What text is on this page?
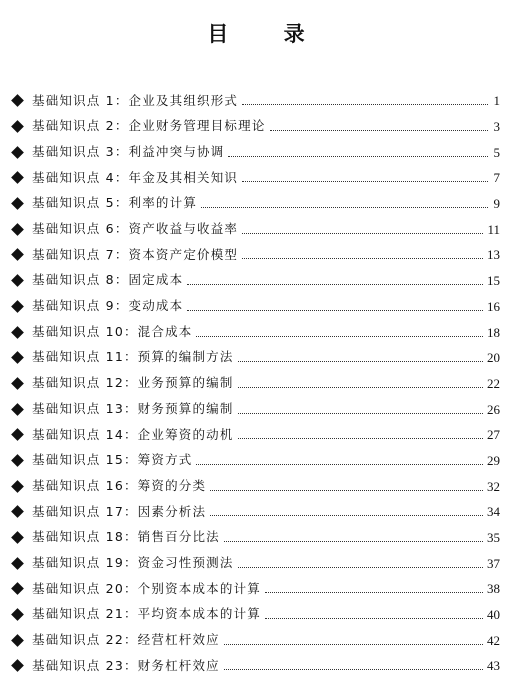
目 录
基础知识点 1：企业及其组织形式	1
基础知识点 2：企业财务管理目标理论	3
基础知识点 3：利益冲突与协调	5
基础知识点 4：年金及其相关知识	7
基础知识点 5：利率的计算	9
基础知识点 6：资产收益与收益率	11
基础知识点 7：资本资产定价模型	13
基础知识点 8：固定成本	15
基础知识点 9：变动成本	16
基础知识点 10：混合成本	18
基础知识点 11：预算的编制方法	20
基础知识点 12：业务预算的编制	22
基础知识点 13：财务预算的编制	26
基础知识点 14：企业筹资的动机	27
基础知识点 15：筹资方式	29
基础知识点 16：筹资的分类	32
基础知识点 17：因素分析法	34
基础知识点 18：销售百分比法	35
基础知识点 19：资金习性预测法	37
基础知识点 20：个别资本成本的计算	38
基础知识点 21：平均资本成本的计算	40
基础知识点 22：经营杠杆效应	42
基础知识点 23：财务杠杆效应	43
